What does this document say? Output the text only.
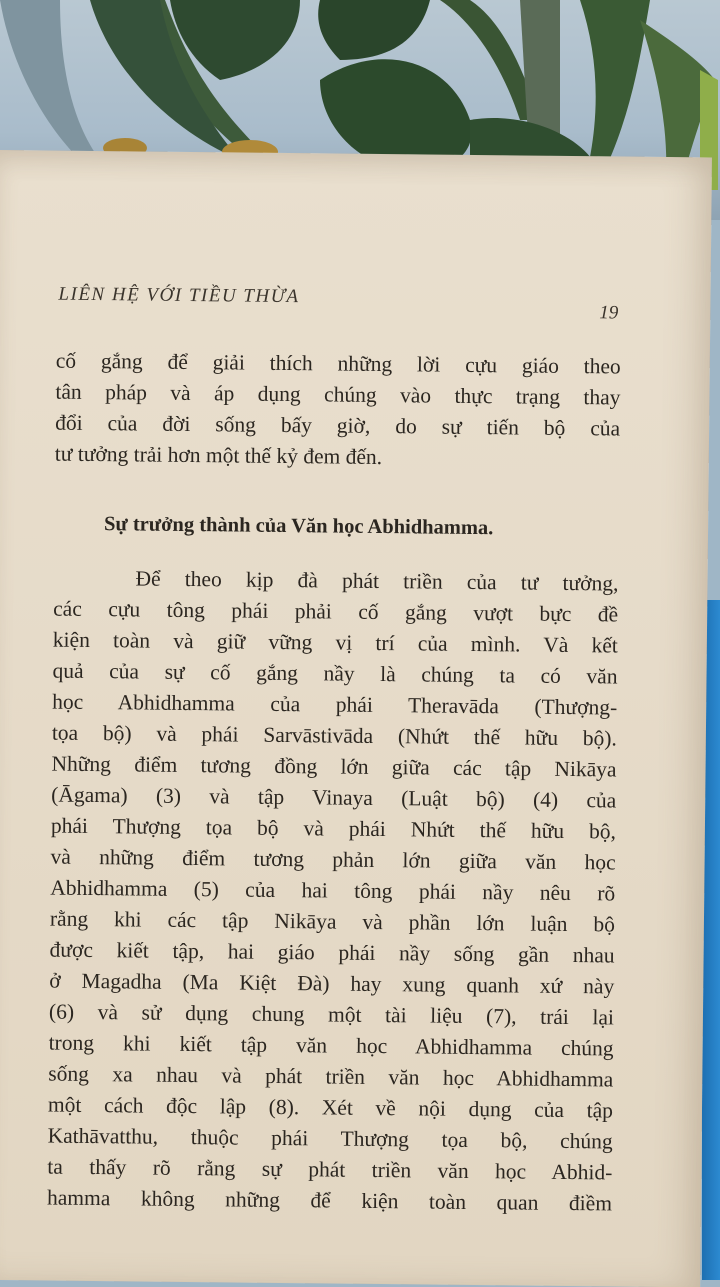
LIÊN HỆ VỚI TIỀU THỪA
19
cố gắng để giải thích những lời cựu giáo theo
tân pháp và áp dụng chúng vào thực trạng thay
đổi của đời sống bấy giờ, do sự tiến bộ của
tư tưởng trải hơn một thế kỷ đem đến.
Sự trưởng thành của Văn học Abhidhamma.
Để theo kịp đà phát triền của tư tưởng,
các cựu tông phái phải cố gắng vượt bực đề
kiện toàn và giữ vững vị trí của mình. Và kết
quả của sự cố gắng nầy là chúng ta có văn
học Abhidhamma của phái Theravāda (Thượng-
tọa bộ) và phái Sarvāstivāda (Nhứt thế hữu bộ).
Những điểm tương đồng lớn giữa các tập Nikāya
(Āgama) (3) và tập Vinaya (Luật bộ) (4) của
phái Thượng tọa bộ và phái Nhứt thế hữu bộ,
và những điểm tương phản lớn giữa văn học
Abhidhamma (5) của hai tông phái nầy nêu rõ
rằng khi các tập Nikāya và phần lớn luận bộ
được kiết tập, hai giáo phái nầy sống gần nhau
ở Magadha (Ma Kiệt Đà) hay xung quanh xứ này
(6) và sử dụng chung một tài liệu (7), trái lại
trong khi kiết tập văn học Abhidhamma chúng
sống xa nhau và phát triền văn học Abhidhamma
một cách độc lập (8). Xét về nội dụng của tập
Kathāvatthu, thuộc phái Thượng tọa bộ, chúng
ta thấy rõ rằng sự phát triền văn học Abhid-
hamma không những để kiện toàn quan điềm
